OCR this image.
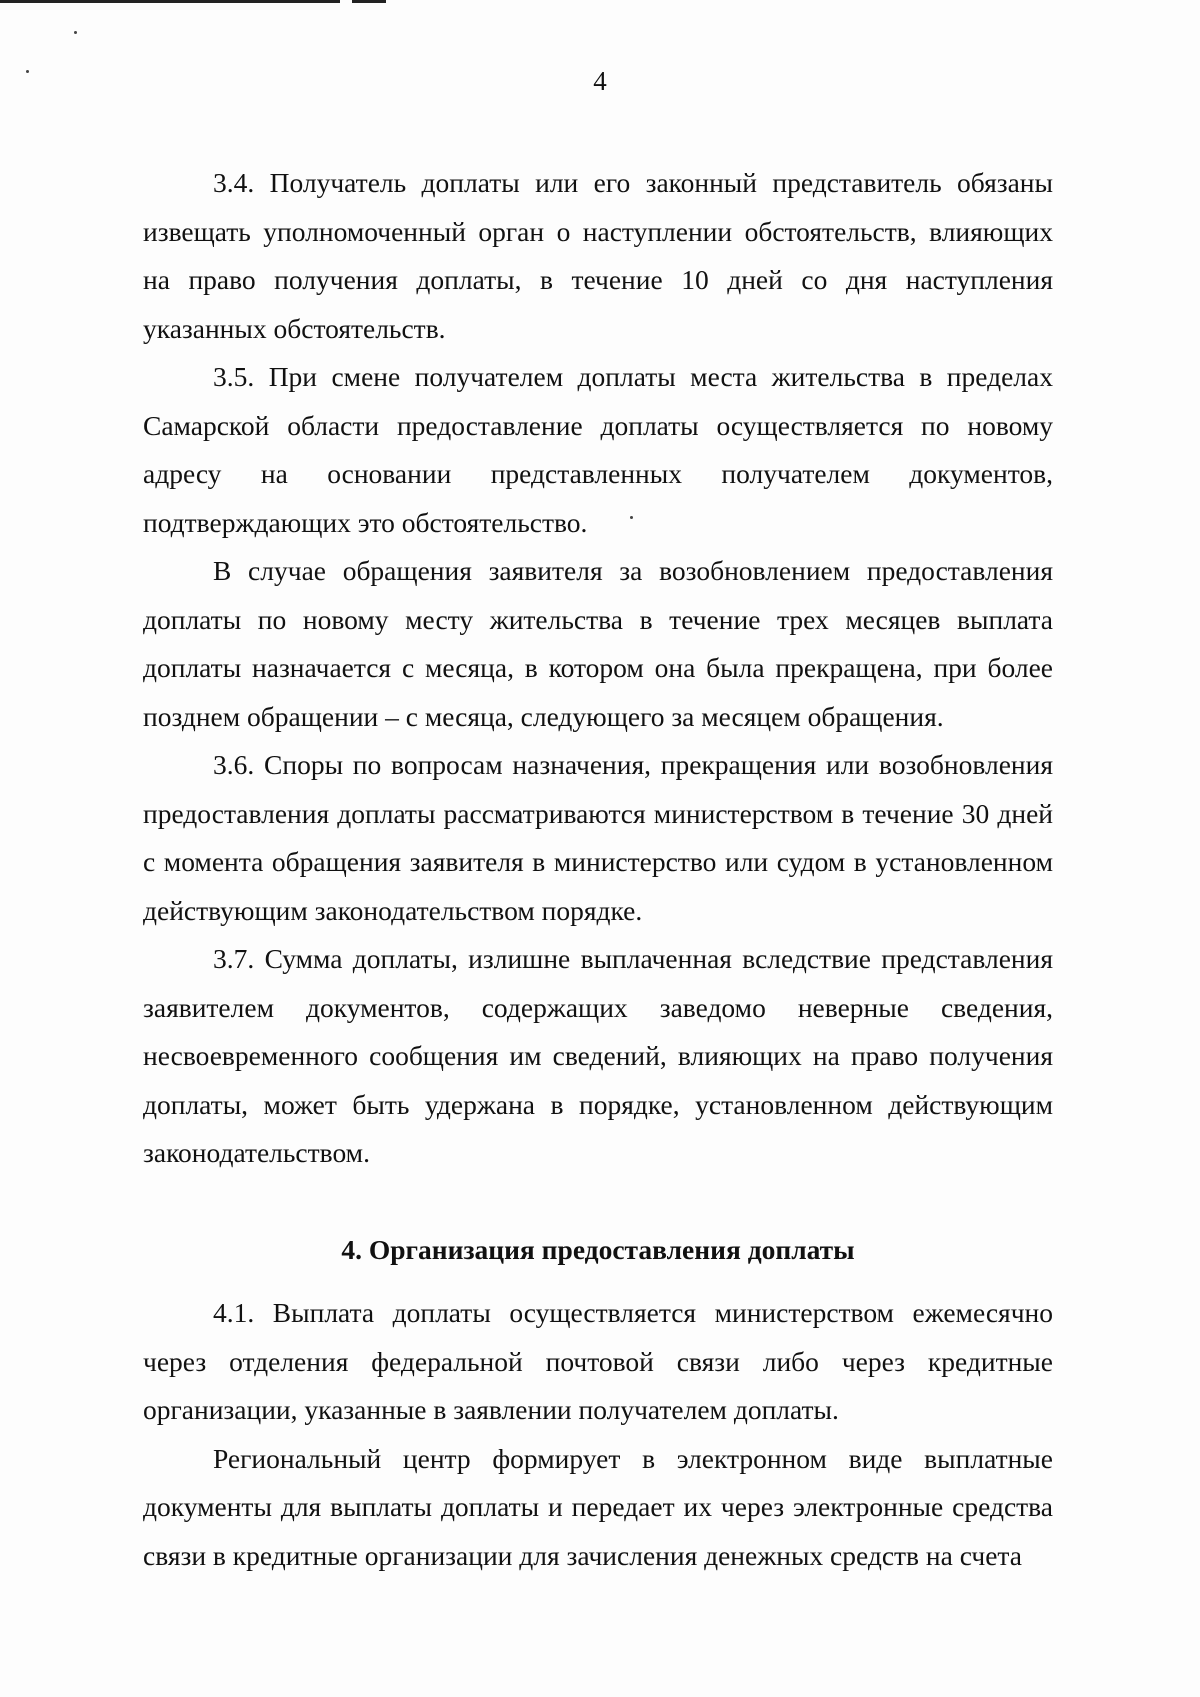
4

3.4. Получатель доплаты или его законный представитель обязаны извещать уполномоченный орган о наступлении обстоятельств, влияющих на право получения доплаты, в течение 10 дней со дня наступления указанных обстоятельств.

3.5. При смене получателем доплаты места жительства в пределах Самарской области предоставление доплаты осуществляется по новому адресу на основании представленных получателем документов, подтверждающих это обстоятельство.

В случае обращения заявителя за возобновлением предоставления доплаты по новому месту жительства в течение трех месяцев выплата доплаты назначается с месяца, в котором она была прекращена, при более позднем обращении – с месяца, следующего за месяцем обращения.

3.6. Споры по вопросам назначения, прекращения или возобновления предоставления доплаты рассматриваются министерством в течение 30 дней с момента обращения заявителя в министерство или судом в установленном действующим законодательством порядке.

3.7. Сумма доплаты, излишне выплаченная вследствие представления заявителем документов, содержащих заведомо неверные сведения, несвоевременного сообщения им сведений, влияющих на право получения доплаты, может быть удержана в порядке, установленном действующим законодательством.

4. Организация предоставления доплаты

4.1. Выплата доплаты осуществляется министерством ежемесячно через отделения федеральной почтовой связи либо через кредитные организации, указанные в заявлении получателем доплаты.

Региональный центр формирует в электронном виде выплатные документы для выплаты доплаты и передает их через электронные средства связи в кредитные организации для зачисления денежных средств на счета
